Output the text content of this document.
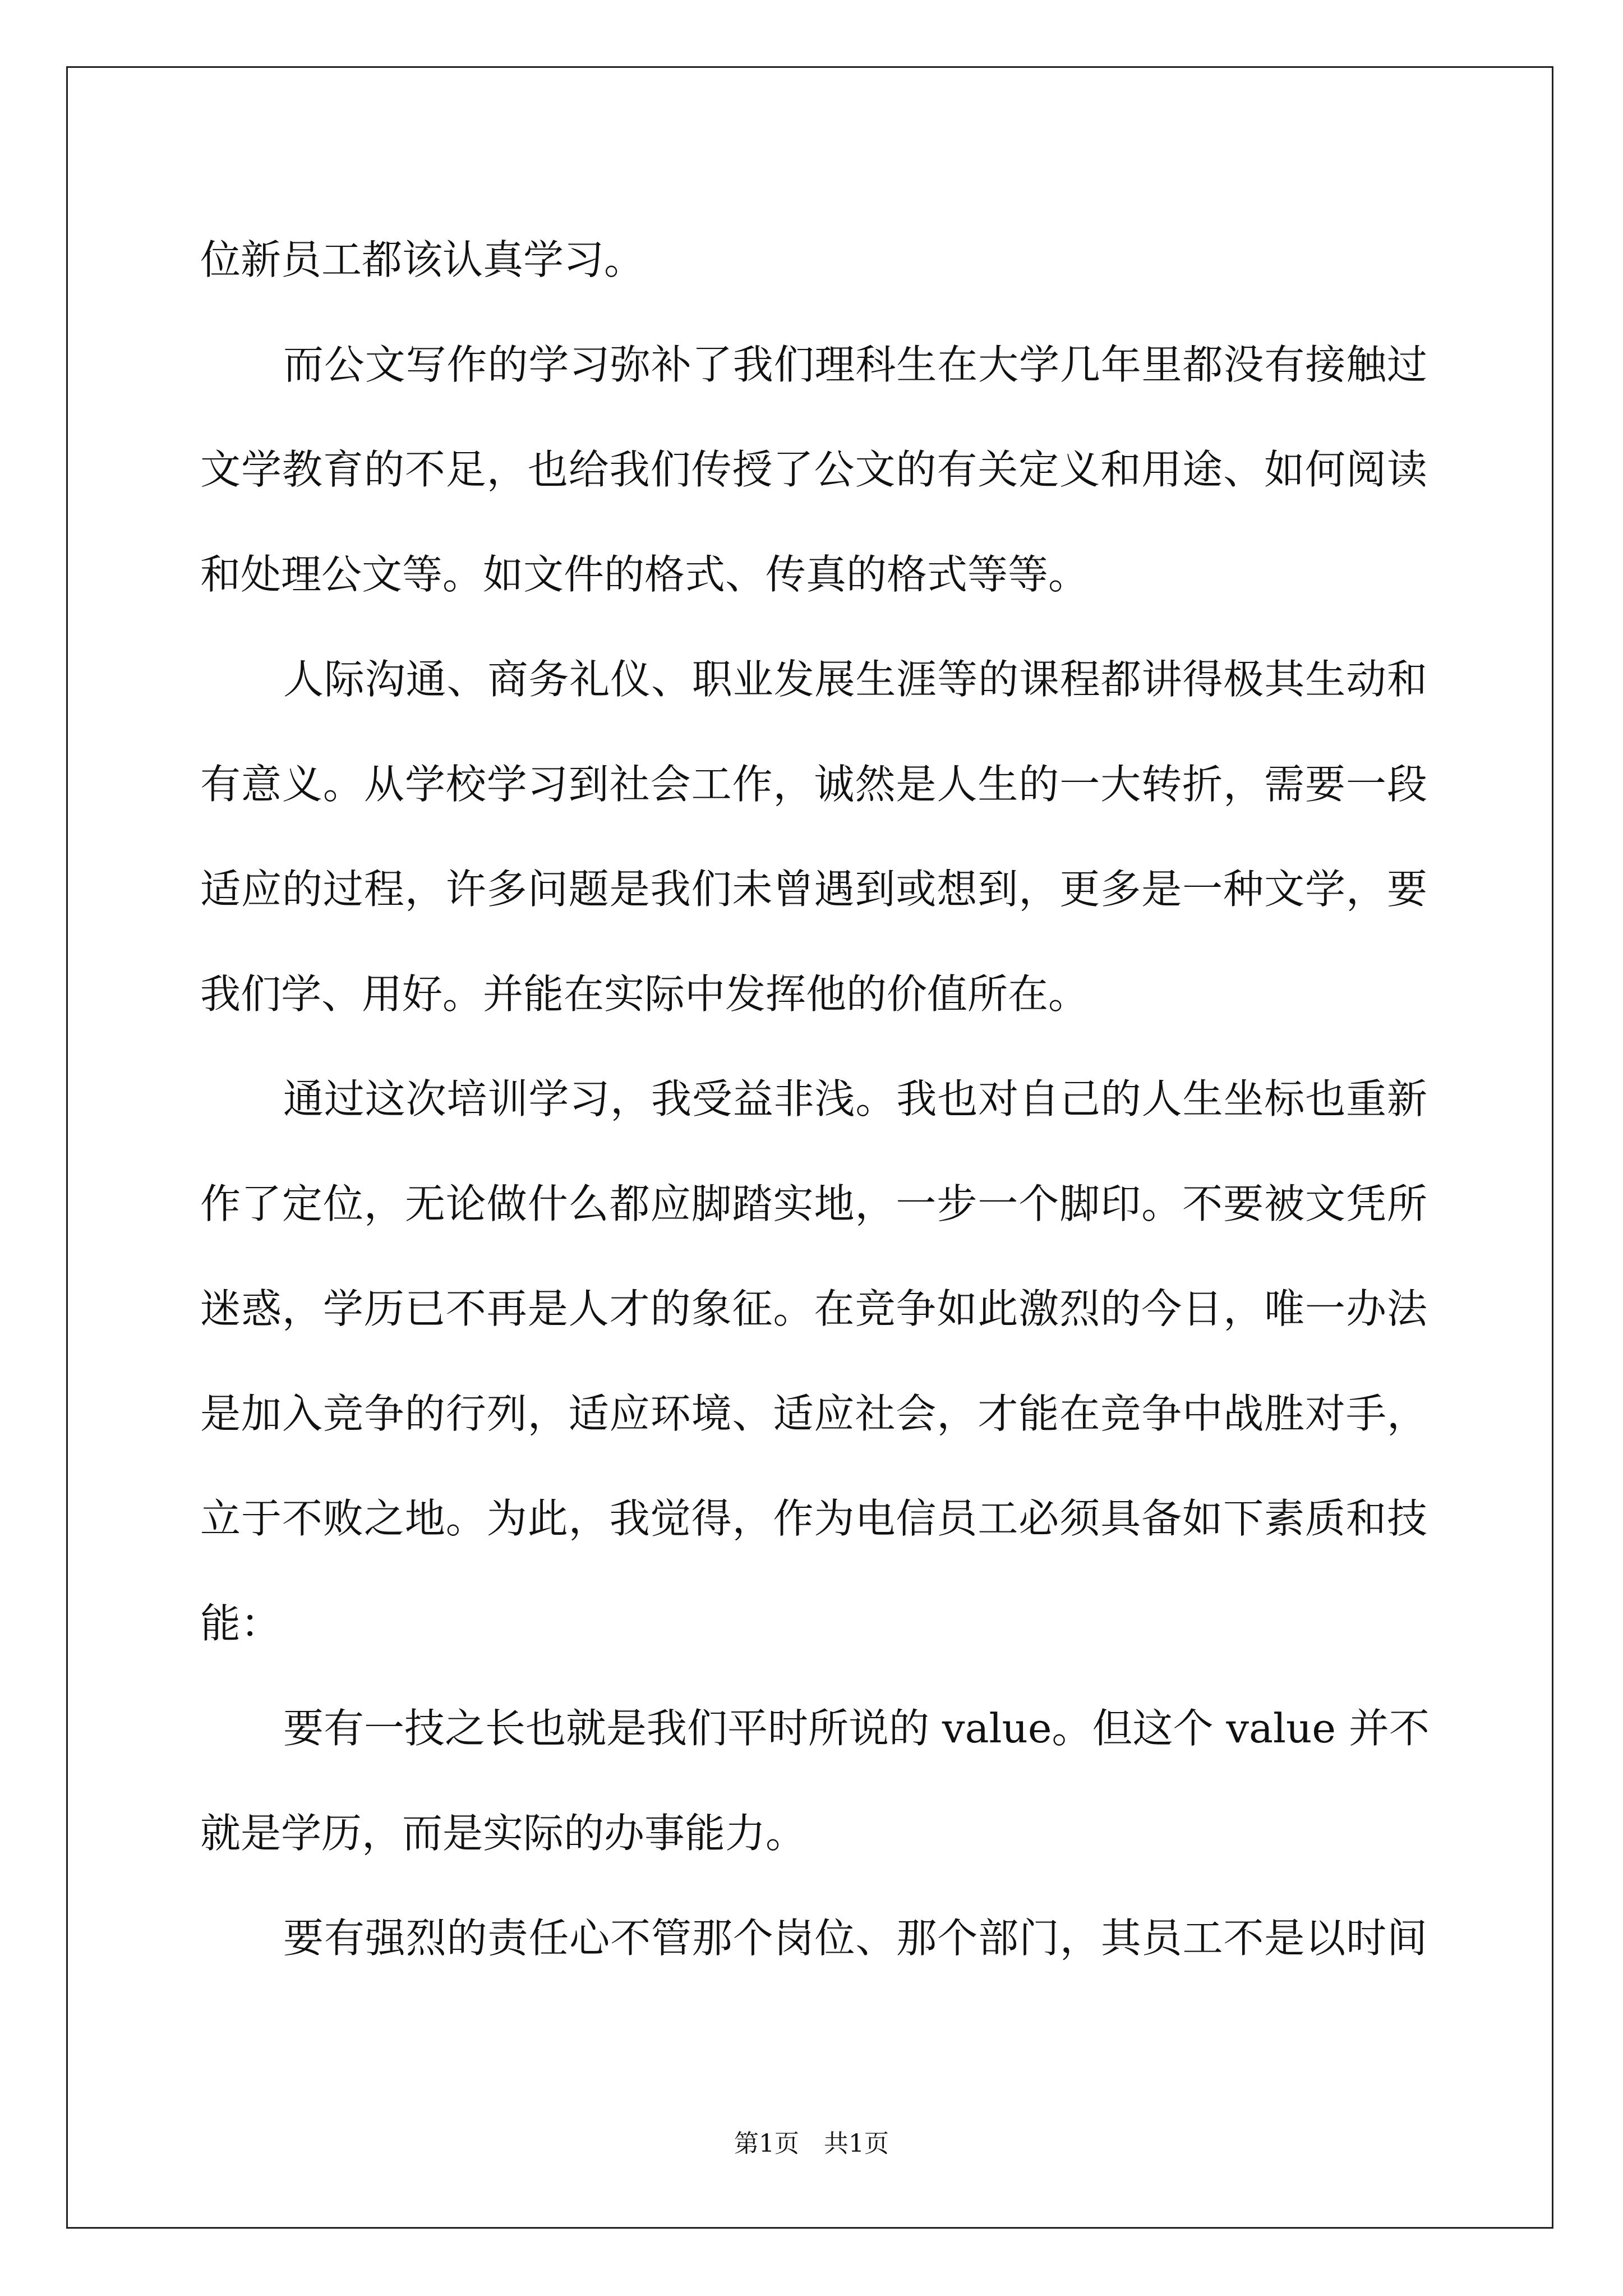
位新员工都该认真学习。
而公文写作的学习弥补了我们理科生在大学几年里都没有接触过
文学教育的不足，也给我们传授了公文的有关定义和用途、如何阅读
和处理公文等。如文件的格式、传真的格式等等。
人际沟通、商务礼仪、职业发展生涯等的课程都讲得极其生动和
有意义。从学校学习到社会工作，诚然是人生的一大转折，需要一段
适应的过程，许多问题是我们未曾遇到或想到，更多是一种文学，要
我们学、用好。并能在实际中发挥他的价值所在。
通过这次培训学习，我受益非浅。我也对自己的人生坐标也重新
作了定位，无论做什么都应脚踏实地，一步一个脚印。不要被文凭所
迷惑，学历已不再是人才的象征。在竞争如此激烈的今日，唯一办法
是加入竞争的行列，适应环境、适应社会，才能在竞争中战胜对手，
立于不败之地。为此，我觉得，作为电信员工必须具备如下素质和技
能：
要有一技之长也就是我们平时所说的 value。但这个 value 并不
就是学历，而是实际的办事能力。
要有强烈的责任心不管那个岗位、那个部门，其员工不是以时间
第1页　共1页
